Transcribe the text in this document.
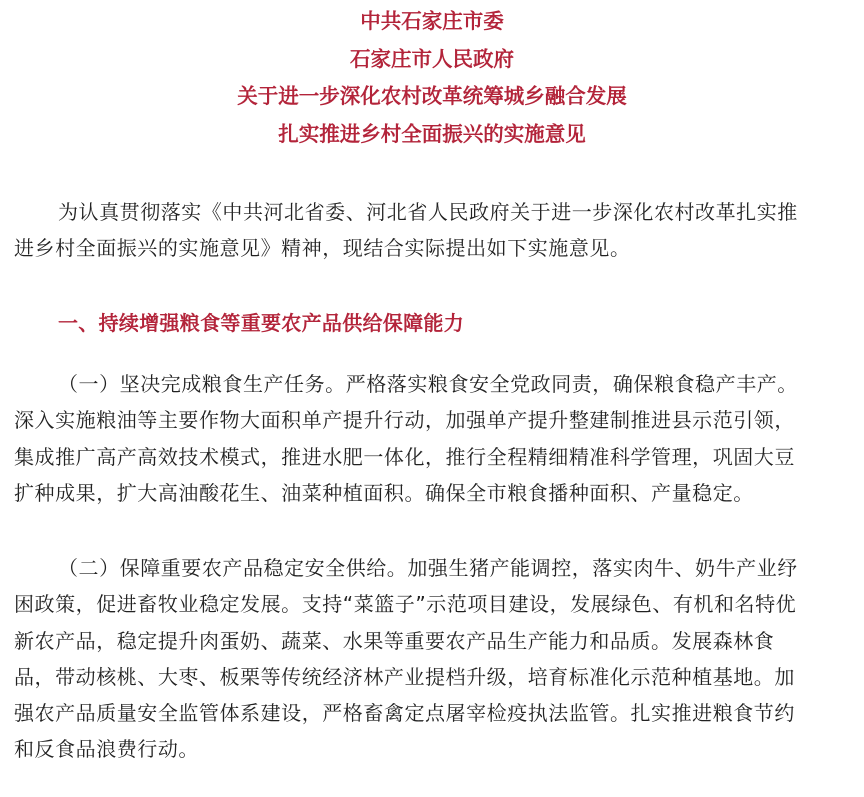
中共石家庄市委
石家庄市人民政府
关于进一步深化农村改革统筹城乡融合发展
扎实推进乡村全面振兴的实施意见

为认真贯彻落实《中共河北省委、河北省人民政府关于进一步深化农村改革扎实推
进乡村全面振兴的实施意见》精神，现结合实际提出如下实施意见。

一、持续增强粮食等重要农产品供给保障能力

（一）坚决完成粮食生产任务。严格落实粮食安全党政同责，确保粮食稳产丰产。
深入实施粮油等主要作物大面积单产提升行动，加强单产提升整建制推进县示范引领，
集成推广高产高效技术模式，推进水肥一体化，推行全程精细精准科学管理，巩固大豆
扩种成果，扩大高油酸花生、油菜种植面积。确保全市粮食播种面积、产量稳定。

（二）保障重要农产品稳定安全供给。加强生猪产能调控，落实肉牛、奶牛产业纾
困政策，促进畜牧业稳定发展。支持“菜篮子”示范项目建设，发展绿色、有机和名特优
新农产品，稳定提升肉蛋奶、蔬菜、水果等重要农产品生产能力和品质。发展森林食
品，带动核桃、大枣、板栗等传统经济林产业提档升级，培育标准化示范种植基地。加
强农产品质量安全监管体系建设，严格畜禽定点屠宰检疫执法监管。扎实推进粮食节约
和反食品浪费行动。
